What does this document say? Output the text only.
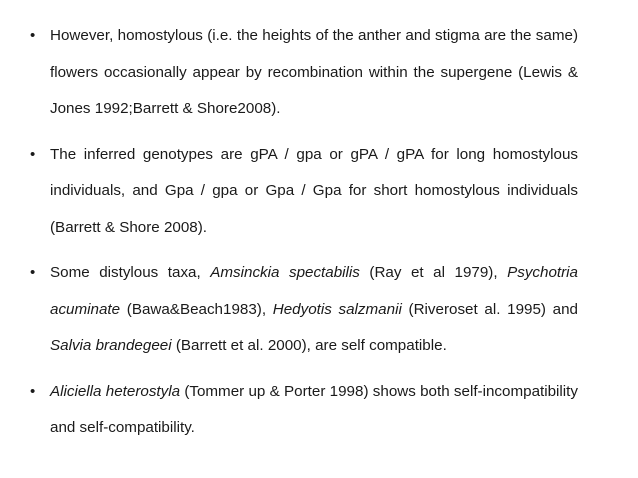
• However, homostylous (i.e. the heights of the anther and stigma are the same) flowers occasionally appear by recombination within the supergene (Lewis & Jones 1992;Barrett & Shore2008).
• The inferred genotypes are gPA / gpa or gPA / gPA for long homostylous individuals, and Gpa / gpa or Gpa / Gpa for short homostylous individuals (Barrett & Shore 2008).
• Some distylous taxa, Amsinckia spectabilis (Ray et al 1979), Psychotria acuminate (Bawa&Beach1983), Hedyotis salzmanii (Riveroset al. 1995) and Salvia brandegeei (Barrett et al. 2000), are self compatible.
• Aliciella heterostyla (Tommer up & Porter 1998) shows both self-incompatibility and self-compatibility.
